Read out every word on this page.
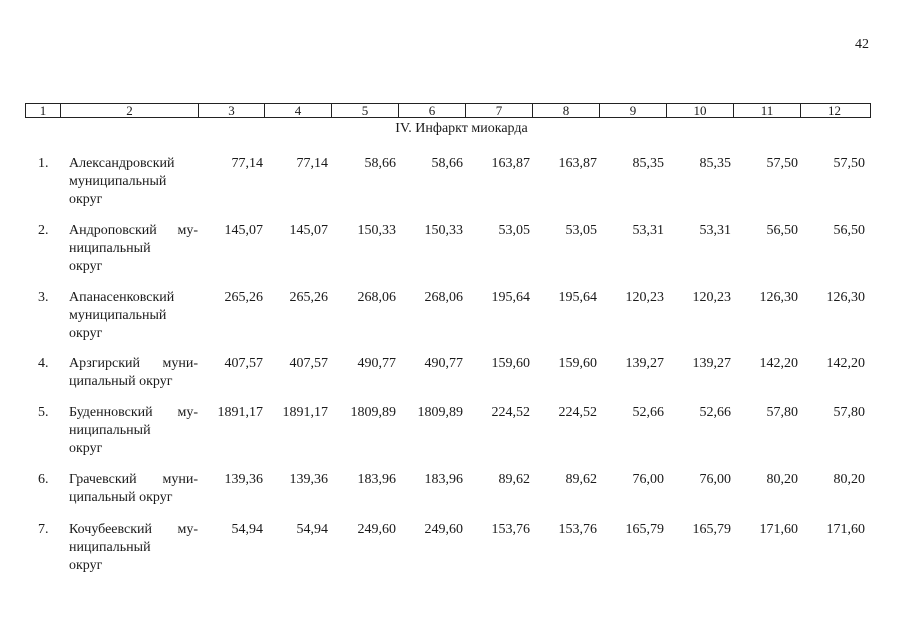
42
1	2	3	4	5	6	7	8	9	10	11	12
IV. Инфаркт миокарда
1. Александровский
муниципальный
округ
77,14 77,14	58,66	58,66 163,87 163,87	85,35	85,35	57,50	57,50
2. Андроповский му-
ниципальный
округ
145,07 145,07 150,33 150,33	53,05	53,05	53,31	53,31	56,50	56,50
3. Апанасенковский
муниципальный
округ
265,26 265,26 268,06 268,06 195,64 195,64 120,23 120,23 126,30 126,30
4. Арзгирский муни-
ципальный округ
407,57 407,57 490,77 490,77 159,60 159,60 139,27 139,27 142,20 142,20
5. Буденновский му-
ниципальный
округ
1891,17 1891,17 1809,89 1809,89 224,52 224,52	52,66	52,66	57,80	57,80
6. Грачевский муни-
ципальный округ
139,36 139,36 183,96 183,96	89,62	89,62	76,00	76,00	80,20	80,20
7. Кочубеевский му-
ниципальный
округ
54,94 54,94 249,60 249,60 153,76 153,76 165,79 165,79 171,60 171,60
